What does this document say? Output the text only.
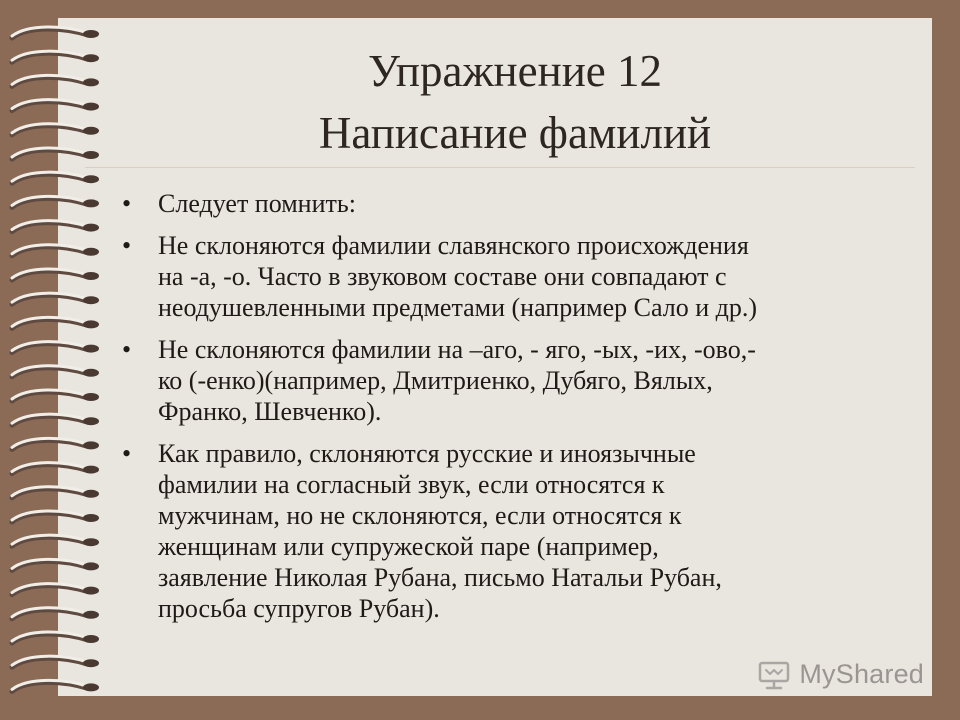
Упражнение 12
Написание фамилий
• Следует помнить:
• Не склоняются фамилии славянского происхождения
на -а, -о. Часто в звуковом составе они совпадают с
неодушевленными предметами (например Сало и др.)
• Не склоняются фамилии на –аго, - яго, -ых, -их, -ово,-
ко (-енко)(например, Дмитриенко, Дубяго, Вялых,
Франко, Шевченко).
• Как правило, склоняются русские и иноязычные
фамилии на согласный звук, если относятся к
мужчинам, но не склоняются, если относятся к
женщинам или супружеской паре (например,
заявление Николая Рубана, письмо Натальи Рубан,
просьба супругов Рубан).
MyShared
